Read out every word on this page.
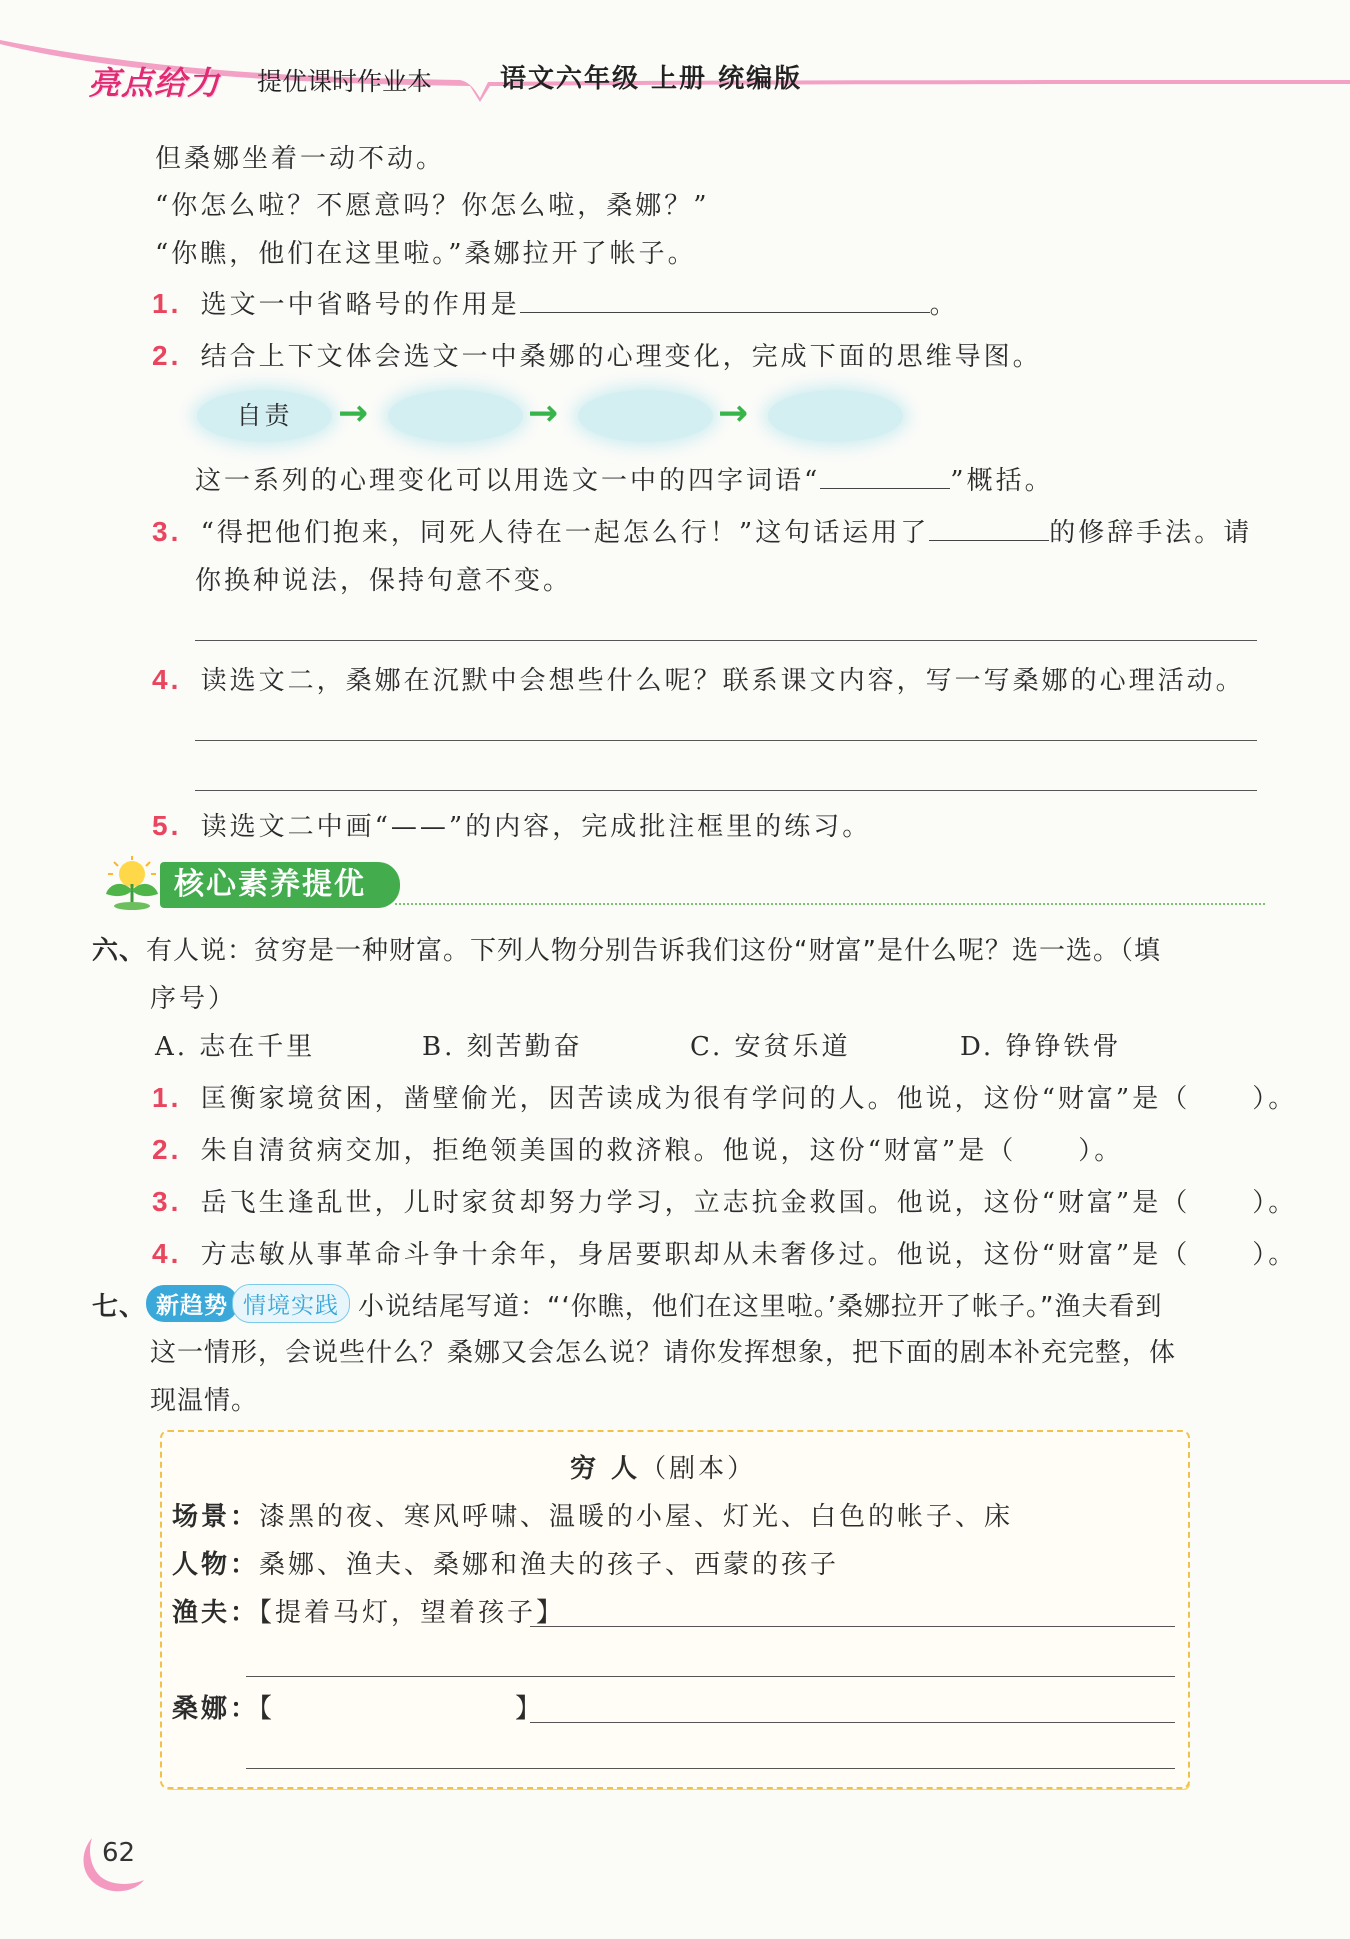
亮点给力 提优课时作业本	语文六年级 上册 统编版
但桑娜坐着一动不动。
“你怎么啦？不愿意吗？你怎么啦，桑娜？”
“你瞧，他们在这里啦。”桑娜拉开了帐子。
1. 选文一中省略号的作用是	。
2. 结合上下文体会选文一中桑娜的心理变化，完成下面的思维导图。
自责	→	→	→
这一系列的心理变化可以用选文一中的四字词语“	”概括。
3. “得把他们抱来，同死人待在一起怎么行！”这句话运用了	的修辞手法。请
你换种说法，保持句意不变。
4. 读选文二，桑娜在沉默中会想些什么呢？联系课文内容，写一写桑娜的心理活动。
5. 读选文二中画“——”的内容，完成批注框里的练习。
核心素养提优
六、有人说：贫穷是一种财富。下列人物分别告诉我们这份“财富”是什么呢？选一选。（填
序号）
A. 志在千里	B. 刻苦勤奋	C. 安贫乐道	D. 铮铮铁骨
1. 匡衡家境贫困，凿壁偷光，因苦读成为很有学问的人。他说，这份“财富”是（ ）。
2. 朱自清贫病交加，拒绝领美国的救济粮。他说，这份“财富”是（ ）。
3. 岳飞生逢乱世，儿时家贫却努力学习，立志抗金救国。他说，这份“财富”是（ ）。
4. 方志敏从事革命斗争十余年，身居要职却从未奢侈过。他说，这份“财富”是（ ）。
七、 新趋势 情境实践 小说结尾写道：“‘你瞧，他们在这里啦。’桑娜拉开了帐子。”渔夫看到
这一情形，会说些什么？桑娜又会怎么说？请你发挥想象，把下面的剧本补充完整，体
现温情。
穷 人（剧本）
场景：漆黑的夜、寒风呼啸、温暖的小屋、灯光、白色的帐子、床
人物：桑娜、渔夫、桑娜和渔夫的孩子、西蒙的孩子
渔夫：【提着马灯，望着孩子】
桑娜：【	】
62
